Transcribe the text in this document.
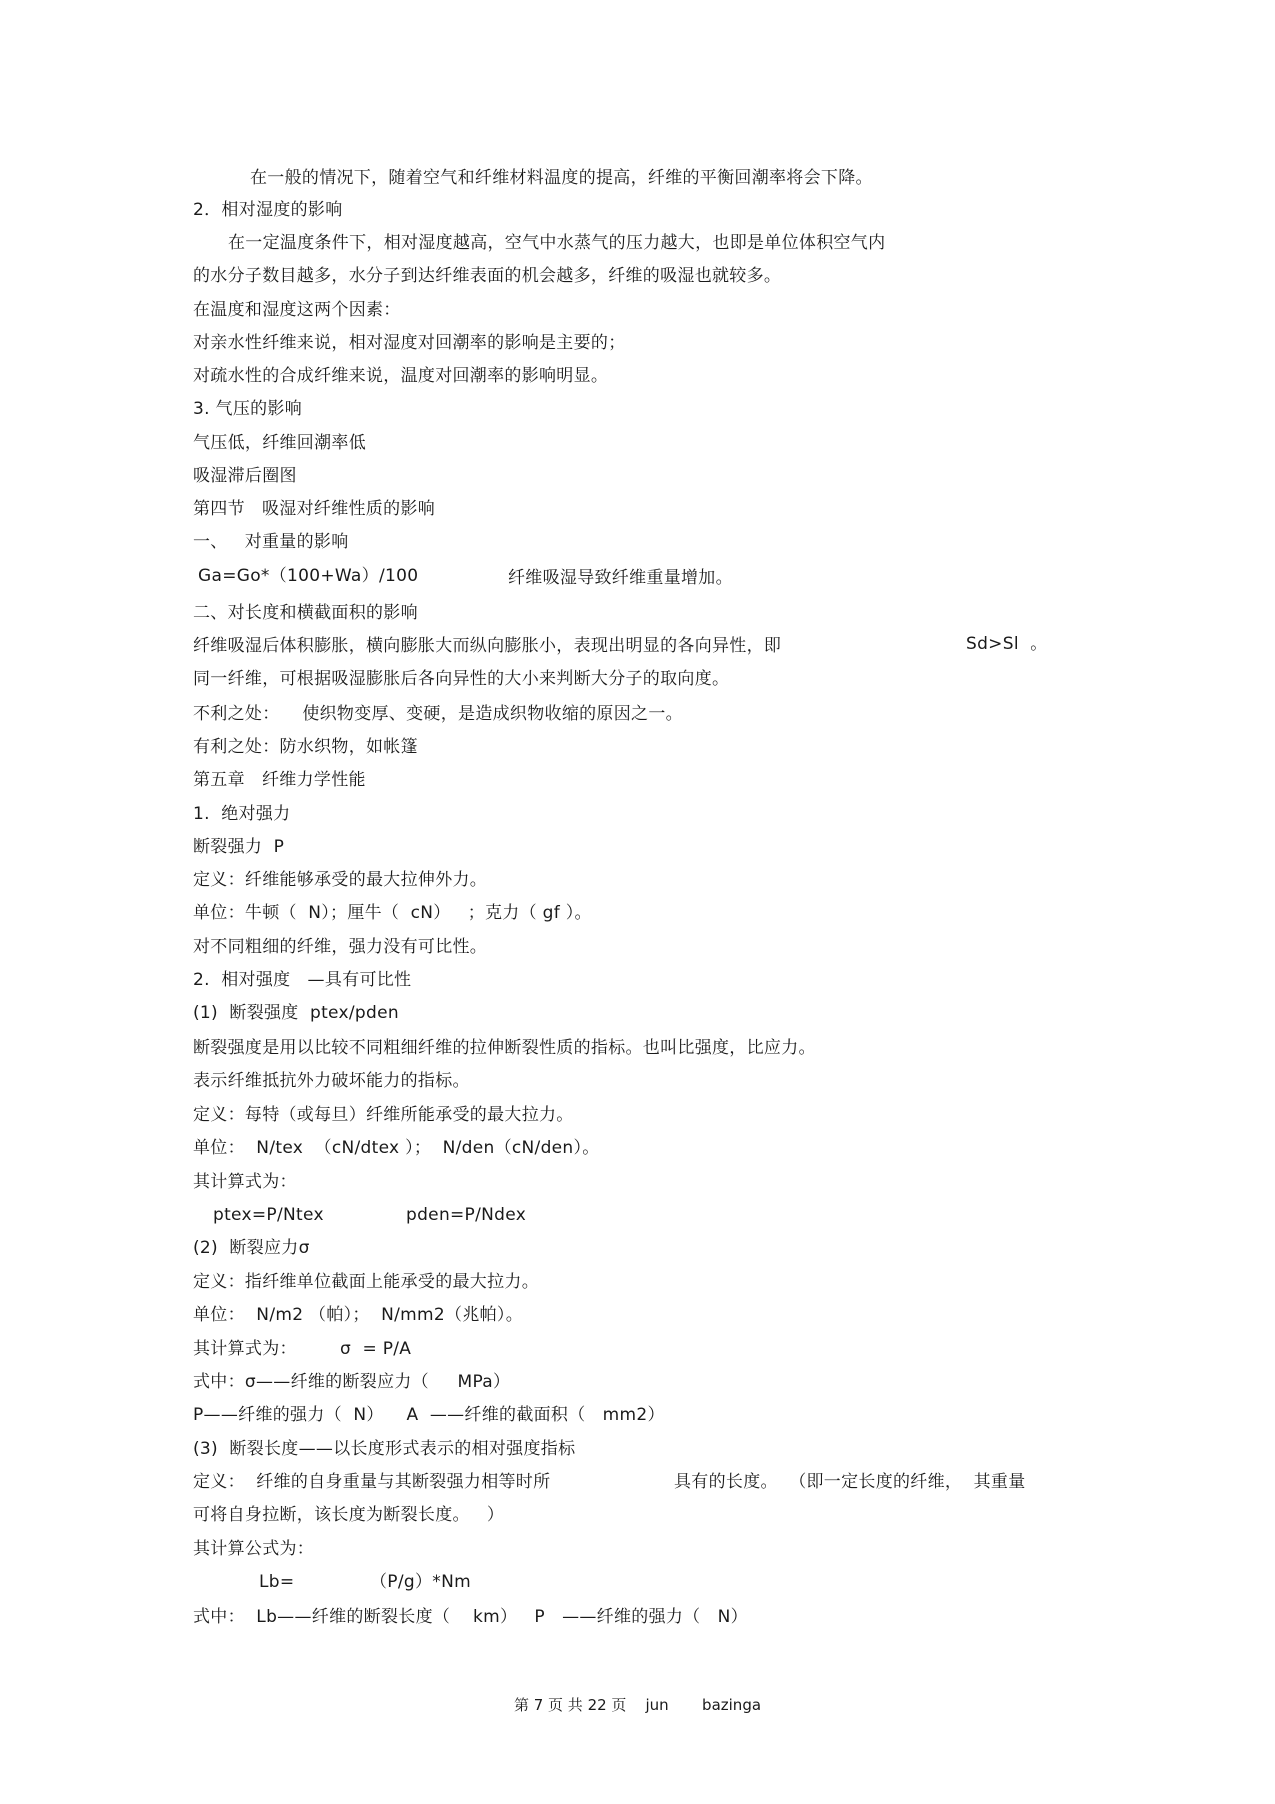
在一般的情况下，随着空气和纤维材料温度的提高，纤维的平衡回潮率将会下降。
2．相对湿度的影响
在一定温度条件下，相对湿度越高，空气中水蒸气的压力越大，也即是单位体积空气内
的水分子数目越多，水分子到达纤维表面的机会越多，纤维的吸湿也就较多。
在温度和湿度这两个因素：
对亲水性纤维来说，相对湿度对回潮率的影响是主要的；
对疏水性的合成纤维来说，温度对回潮率的影响明显。
3. 气压的影响
气压低，纤维回潮率低
吸湿滞后圈图
第四节   吸湿对纤维性质的影响
一、   对重量的影响
Ga=Go*（100+Wa）/100	纤维吸湿导致纤维重量增加。
二、对长度和横截面积的影响
纤维吸湿后体积膨胀，横向膨胀大而纵向膨胀小，表现出明显的各向异性，即	Sd>Sl  。
同一纤维，可根据吸湿膨胀后各向异性的大小来判断大分子的取向度。
不利之处：    使织物变厚、变硬，是造成织物收缩的原因之一。
有利之处：防水织物，如帐篷
第五章   纤维力学性能
1.  绝对强力
断裂强力  P
定义：纤维能够承受的最大拉伸外力。
单位：牛顿（  N）；厘牛（  cN）   ；克力（ gf ）。
对不同粗细的纤维，强力没有可比性。
2.  相对强度   —具有可比性
(1)  断裂强度  ptex/pden
断裂强度是用以比较不同粗细纤维的拉伸断裂性质的指标。也叫比强度，比应力。
表示纤维抵抗外力破坏能力的指标。
定义：每特（或每旦）纤维所能承受的最大拉力。
单位：  N/tex  （cN/dtex ）；  N/den（cN/den）。
其计算式为：
ptex=P/Ntex	pden=P/Ndex
(2)  断裂应力σ
定义：指纤维单位截面上能承受的最大拉力。
单位：  N/m2 （帕）；  N/mm2（兆帕）。
其计算式为：	σ  = P/A
式中：σ——纤维的断裂应力（     MPa）
P——纤维的强力（  N）    A  ——纤维的截面积（   mm2）
(3)  断裂长度——以长度形式表示的相对强度指标
定义：  纤维的自身重量与其断裂强力相等时所	具有的长度。  （即一定长度的纤维，  其重量
可将自身拉断，该长度为断裂长度。   ）
其计算公式为：
Lb=	（P/g）*Nm
式中：  Lb——纤维的断裂长度（    km）   P   ——纤维的强力（   N）
第 7 页 共 22 页    jun       bazinga
